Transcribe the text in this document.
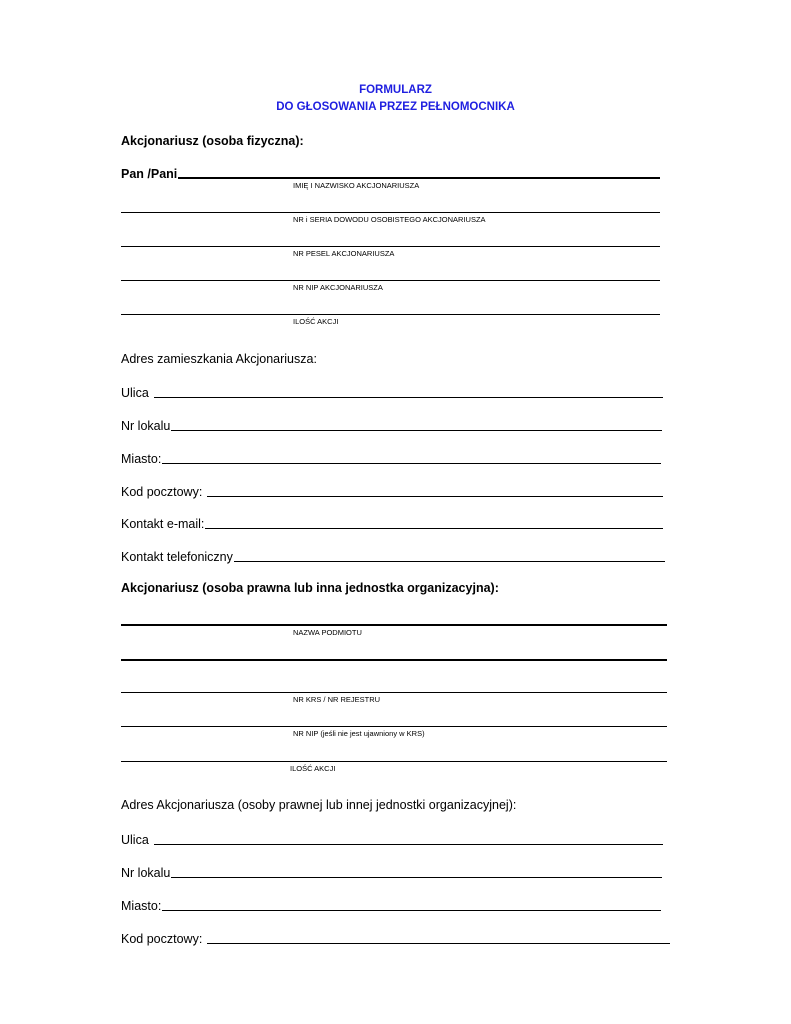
FORMULARZ
DO GŁOSOWANIA PRZEZ PEŁNOMOCNIKA
Akcjonariusz (osoba fizyczna):
Pan /Pani
IMIĘ I NAZWISKO AKCJONARIUSZA
NR i SERIA DOWODU OSOBISTEGO AKCJONARIUSZA
NR PESEL AKCJONARIUSZA
NR NIP AKCJONARIUSZA
ILOŚĆ AKCJI
Adres zamieszkania Akcjonariusza:
Ulica
Nr lokalu
Miasto:
Kod pocztowy:
Kontakt e-mail:
Kontakt telefoniczny
Akcjonariusz (osoba prawna lub inna jednostka organizacyjna):
NAZWA PODMIOTU
NR KRS / NR REJESTRU
NR NIP (jeśli nie jest ujawniony w KRS)
ILOŚĆ AKCJI
Adres Akcjonariusza (osoby prawnej lub innej jednostki organizacyjnej):
Ulica
Nr lokalu
Miasto:
Kod pocztowy:
